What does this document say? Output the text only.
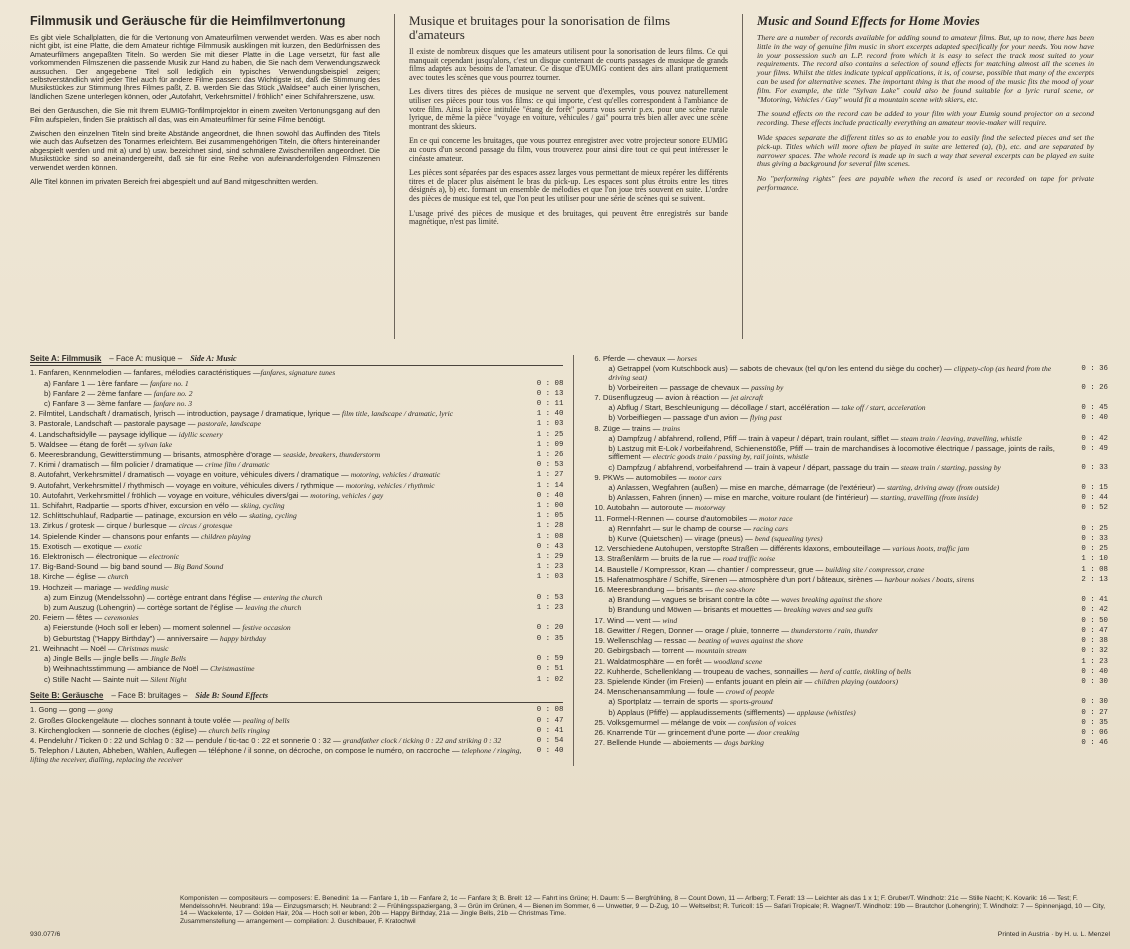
Filmmusik und Geräusche für die Heimfilmvertonung

Es gibt viele Schallplatten, die für die Vertonung von Amateurfilmen verwendet werden. Was es aber noch nicht gibt, ist eine Platte, die dem Amateur richtige Filmmusik ausklingen mit kurzen, den Bedürfnissen des Amateurfilmers angepaßten Titeln. So werden Sie mit dieser Platte in die Lage versetzt, für fast alle vorkommenden Filmszenen die passende Musik zur Hand zu haben, die Sie nach dem Verwendungszweck aussuchen. Der angegebene Titel soll lediglich ein typisches Verwendungsbeispiel zeigen; selbstverständlich wird jeder Titel auch für andere Filme passen: das Wichtigste ist, daß die Stimmung des Musikstückes zur Stimmung Ihres Filmes paßt, Z. B. werden Sie das Stück „Waldsee" auch einer lyrischen, ländlichen Szene unterlegen können, oder „Autofahrt, Verkehrsmittel / fröhlich" einer Schifahrerszene, usw.

Bei den Geräuschen, die Sie mit Ihrem EUMIG-Tonfilmprojektor in einem zweiten Vertonungsgang auf den Film aufspielen, finden Sie praktisch all das, was ein Amateurfilmer für seine Filme benötigt.

Zwischen den einzelnen Titeln sind breite Abstände angeordnet, die Ihnen sowohl das Auffinden des Titels wie auch das Aufsetzen des Tonarmes erleichtern. Bei zusammengehörigen Titeln, die öfters hintereinander abgespielt werden und mit a) und b) usw. bezeichnet sind, sind schmälere Zwischenrillen angeordnet. Die Musikstücke sind so aneinandergereiht, daß sie für eine Reihe von aufeinanderfolgenden Filmszenen verwendet werden können.

Alle Titel können im privaten Bereich frei abgespielt und auf Band mitgeschnitten werden.

Musique et bruitages pour la sonorisation de films d'amateurs

Il existe de nombreux disques que les amateurs utilisent pour la sonorisation de leurs films. Ce qui manquait cependant jusqu'alors, c'est un disque contenant de courts passages de musique de grands films adaptés aux besoins de l'amateur. Ce disque d'EUMIG contient des airs allant pratiquement avec toutes les scènes que vous pourrez tourner.

Les divers titres des pièces de musique ne servent que d'exemples, vous pouvez naturellement utiliser ces pièces pour tous vos films: ce qui importe, c'est qu'elles correspondent à l'ambiance de votre film. Ainsi la pièce intitulée "étang de forêt" pourra vous servir p.ex. pour une scène rurale lyrique, de même la pièce "voyage en voiture, véhicules / gai" pourra très bien aller avec une scène montrant des skieurs.

En ce qui concerne les bruitages, que vous pourrez enregistrer avec votre projecteur sonore EUMIG au cours d'un second passage du film, vous trouverez pour ainsi dire tout ce qui peut intéresser le cinéaste amateur.

Les pièces sont séparées par des espaces assez larges vous permettant de mieux repérer les différents titres et de placer plus aisément le bras du pick-up. Les espaces sont plus étroits entre les titres désignés a), b) etc. formant un ensemble de mélodies et que l'on joue très souvent en suite. L'ordre des pièces de musique est tel, que l'on peut les utiliser pour une série de scènes qui se suivent.

L'usage privé des pièces de musique et des bruitages, qui peuvent être enregistrés sur bande magnétique, n'est pas limité.

Music and Sound Effects for Home Movies

There are a number of records available for adding sound to amateur films. But, up to now, there has been little in the way of genuine film music in short excerpts adapted specifically for your needs. You now have in your possession such an L.P. record from which it is easy to select the track most suited to your requirements. The record also contains a selection of sound effects for matching almost all the scenes in your films. Whilst the titles indicate typical applications, it is, of course, possible that many of the excerpts can be used for alternative scenes. The important thing is that the mood of the music fits the mood of your film. For example, the title "Sylvan Lake" could also be found suitable for a lyric rural scene, or "Motoring, Vehicles / Gay" would fit a mountain scene with skiers, etc.

The sound effects on the record can be added to your film with your Eumig sound projector on a second recording. These effects include practically everything an amateur movie-maker will require.

Wide spaces separate the different titles so as to enable you to easily find the selected pieces and set the pick-up. Titles which will more often be played in suite are lettered (a), (b), etc. and are separated by narrower spaces. The whole record is made up in such a way that several excerpts can be played en suite thus giving a background for several film scenes.

No "performing rights" fees are payable when the record is used or recorded on tape for private performance.

Seite A: Filmmusik – Face A: musique – Side A: Music
1. Fanfaren, Kennmelodien — fanfares, mélodies caractéristiques —fanfares, signature tunes
a) Fanfare 1 — 1ère fanfare — fanfare no. 1	0 : 08
b) Fanfare 2 — 2ème fanfare — fanfare no. 2	0 : 13
c) Fanfare 3 — 3ème fanfare — fanfare no. 3	0 : 11
2. Filmtitel, Landschaft / dramatisch, lyrisch — introduction, paysage / dramatique, lyrique — film title, landscape / dramatic, lyric	1 : 40
3. Pastorale, Landschaft — pastorale paysage — pastorale, landscape	1 : 03
4. Landschaftsidylle — paysage idyllique — idyllic scenery	1 : 25
5. Waldsee — étang de forêt — sylvan lake	1 : 09
6. Meeresbrandung, Gewitterstimmung — brisants, atmosphère d'orage — seaside, breakers, thunderstorm	1 : 26
7. Krimi / dramatisch — film policier / dramatique — crime film / dramatic	0 : 53
8. Autofahrt, Verkehrsmittel / dramatisch — voyage en voiture, véhicules divers / dramatique — motoring, vehicles / dramatic	1 : 27
9. Autofahrt, Verkehrsmittel / rhythmisch — voyage en voiture, véhicules divers / rythmique — motoring, vehicles / rhythmic	1 : 14
10. Autofahrt, Verkehrsmittel / fröhlich — voyage en voiture, véhicules divers/gai — motoring, vehicles / gay	0 : 40
11. Schifahrt, Radpartie — sports d'hiver, excursion en vélo — skiing, cycling	1 : 00
12. Schlittschuhlauf, Radpartie — patinage, excursion en vélo — skating, cycling	1 : 05
13. Zirkus / grotesk — cirque / burlesque — circus / grotesque	1 : 28
14. Spielende Kinder — chansons pour enfants — children playing	1 : 08
15. Exotisch — exotique — exotic	0 : 43
16. Elektronisch — électronique — electronic	1 : 29
17. Big-Band-Sound — big band sound — Big Band Sound	1 : 23
18. Kirche — église — church	1 : 03
19. Hochzeit — mariage — wedding music
a) zum Einzug (Mendelssohn) — cortège entrant dans l'église — entering the church	0 : 53
b) zum Auszug (Lohengrin) — cortège sortant de l'église — leaving the church	1 : 23
20. Feiern — fêtes — ceremonies
a) Feierstunde (Hoch soll er leben) — moment solennel — festive occasion	0 : 20
b) Geburtstag ("Happy Birthday") — anniversaire — happy birthday	0 : 35
21. Weihnacht — Noël — Christmas music
a) Jingle Bells — jingle bells — Jingle Bells	0 : 59
b) Weihnachtsstimmung — ambiance de Noël — Christmastime	0 : 51
c) Stille Nacht — Sainte nuit — Silent Night	1 : 02
Seite B: Geräusche – Face B: bruitages – Side B: Sound Effects
1. Gong — gong — gong	0 : 08
2. Großes Glockengeläute — cloches sonnant à toute volée — pealing of bells	0 : 47
3. Kirchenglocken — sonnerie de cloches (église) — church bells ringing	0 : 41
4. Pendeluhr / Ticken 0 : 22 und Schlag 0 : 32 — pendule / tic-tac 0 : 22 et sonnerie 0 : 32 — grandfather clock / ticking 0 : 22 and striking 0 : 32	0 : 54
5. Telephon / Läuten, Abheben, Wählen, Auflegen — téléphone / il sonne, on décroche, on compose le numéro, on raccroche — telephone / ringing, lifting the receiver, dialling, replacing the receiver
0 : 40
6. Pferde — chevaux — horses
a) Getrappel (vom Kutschbock aus) — sabots de chevaux (tel qu'on les entend du siège du cocher) — clippety-clop (as heard from the driving seat)
0 : 36
b) Vorbeireiten — passage de chevaux — passing by	0 : 26
7. Düsenflugzeug — avion à réaction — jet aircraft
a) Abflug / Start, Beschleunigung — décollage / start, accélération — take off / start, acceleration	0 : 45
b) Vorbeifliegen — passage d'un avion — flying past	0 : 40
8. Züge — trains — trains
a) Dampfzug / abfahrend, rollend, Pfiff — train à vapeur / départ, train roulant, sifflet — steam train / leaving, travelling, whistle	0 : 42
b) Lastzug mit E-Lok / vorbeifahrend, Schienenstöße, Pfiff — train de marchandises à locomotive électrique / passage, joints de rails, sifflement — electric goods train / passing by, rail joints, whistle
0 : 49
c) Dampfzug / abfahrend, vorbeifahrend — train à vapeur / départ, passage du train — steam train / starting, passing by	0 : 33
9. PKWs — automobiles — motor cars
a) Anlassen, Wegfahren (außen) — mise en marche, démarrage (de l'extérieur) — starting, driving away (from outside)	0 : 15
b) Anlassen, Fahren (innen) — mise en marche, voiture roulant (de l'intérieur) — starting, travelling (from inside)	0 : 44
10. Autobahn — autoroute — motorway	0 : 52
11. Formel-I-Rennen — course d'automobiles — motor race
a) Rennfahrt — sur le champ de course — racing cars	0 : 25
b) Kurve (Quietschen) — virage (pneus) — bend (squealing tyres)	0 : 33
12. Verschiedene Autohupen, verstopfte Straßen — différents klaxons, embouteillage — various hoots, traffic jam	0 : 25
13. Straßenlärm — bruits de la rue — road traffic noise	1 : 10
14. Baustelle / Kompressor, Kran — chantier / compresseur, grue — building site / compressor, crane	1 : 08
15. Hafenatmosphäre / Schiffe, Sirenen — atmosphère d'un port / bâteaux, sirènes — harbour noises / boats, sirens	2 : 13
16. Meeresbrandung — brisants — the sea-shore
a) Brandung — vagues se brisant contre la côte — waves breaking against the shore	0 : 41
b) Brandung und Möwen — brisants et mouettes — breaking waves and sea gulls	0 : 42
17. Wind — vent — wind	0 : 50
18. Gewitter / Regen, Donner — orage / pluie, tonnerre — thunderstorm / rain, thunder	0 : 47
19. Wellenschlag — ressac — beating of waves against the shore	0 : 38
20. Gebirgsbach — torrent — mountain stream	0 : 32
21. Waldatmosphäre — en forêt — woodland scene	1 : 23
22. Kuhherde, Schellenklang — troupeau de vaches, sonnailles — herd of cattle, tinkling of bells	0 : 40
23. Spielende Kinder (im Freien) — enfants jouant en plein air — children playing (outdoors)	0 : 30
24. Menschenansammlung — foule — crowd of people
a) Sportplatz — terrain de sports — sports-ground	0 : 30
b) Applaus (Pfiffe) — applaudissements (sifflements) — applause (whistles)	0 : 27
25. Volksgemurmel — mélange de voix — confusion of voices	0 : 35
26. Knarrende Tür — grincement d'une porte — door creaking	0 : 06
27. Bellende Hunde — aboiements — dogs barking	0 : 46
Komponisten — compositeurs — composers: E. Benedini: 1a — Fanfare 1, 1b — Fanfare 2, 1c — Fanfare 3; B. Brell: 12 — Fahrt ins Grüne; H. Daum: 5 — Bergfrühling, 8 — Count Down, 11 — Arlberg; T. Feratl: 13 — Leichter als das 1 x 1; F. Gruber/T. Windholz: 21c — Stille Nacht; K. Kovarik: 16 — Test; F. Mendelssohn/H. Neubrand: 19a — Einzugsmarsch; H. Neubrand: 2 — Frühlingsspaziergang, 3 — Grün im Grünen, 4 — Bienen im Sommer, 6 — Unwetter, 9 — D-Zug, 10 — Weltselbst; R. Turicoll: 15 — Safari Tropicale; R. Wagner/T. Windholz: 19b — Brautchor (Lohengrin); T. Windholz: 7 — Spinnenjagd, 10 — City, 14 — Wackelente, 17 — Golden Hair, 20a — Hoch soll er leben, 20b — Happy Birthday, 21a — Jingle Bells, 21b — Christmas Time.
Zusammenstellung — arrangement — compilation: J. Guschlbauer, F. Kratochwil
930.077/6	Printed in Austria · by H. u. L. Menzel
